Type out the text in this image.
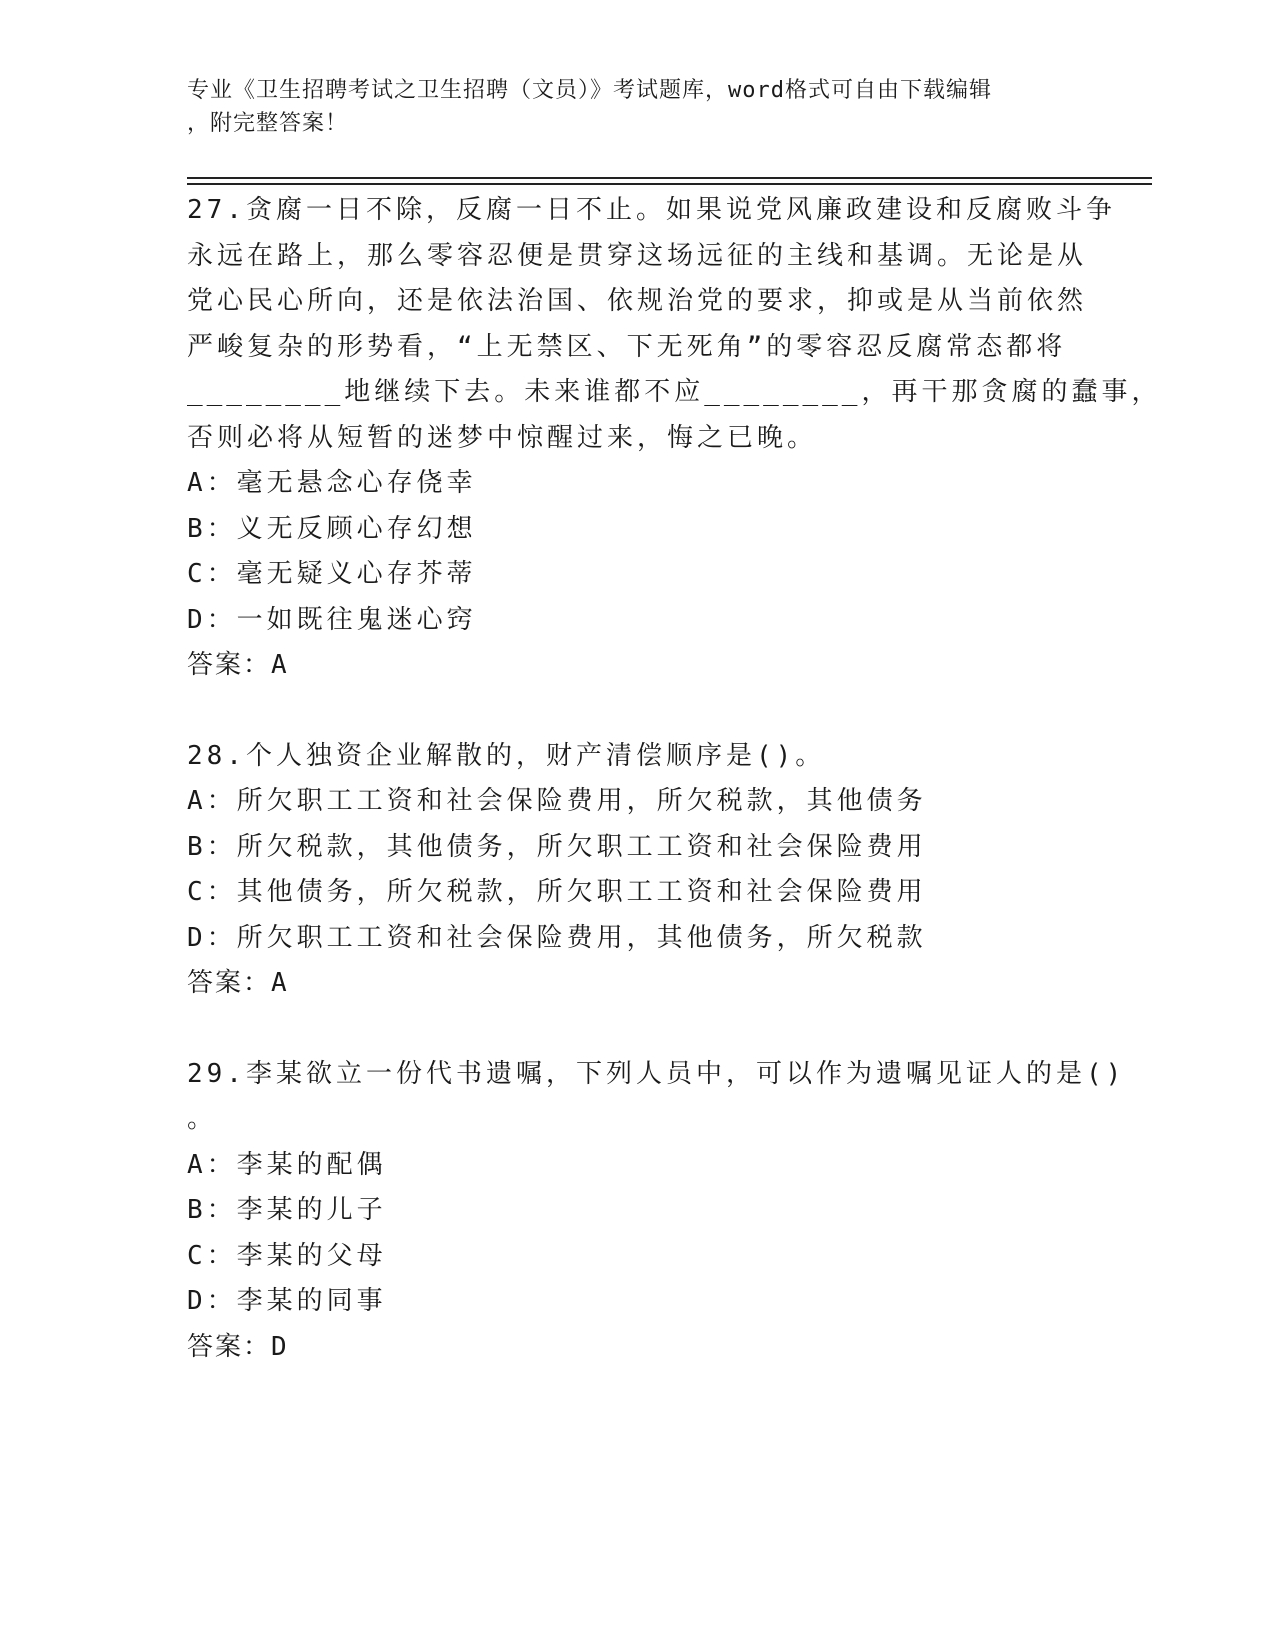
专业《卫生招聘考试之卫生招聘（文员）》考试题库，word格式可自由下载编辑
，附完整答案！
27.贪腐一日不除，反腐一日不止。如果说党风廉政建设和反腐败斗争
永远在路上，那么零容忍便是贯穿这场远征的主线和基调。无论是从
党心民心所向，还是依法治国、依规治党的要求，抑或是从当前依然
严峻复杂的形势看，“上无禁区、下无死角”的零容忍反腐常态都将
________地继续下去。未来谁都不应________，再干那贪腐的蠢事，
否则必将从短暂的迷梦中惊醒过来，悔之已晚。
A：毫无悬念心存侥幸
B：义无反顾心存幻想
C：毫无疑义心存芥蒂
D：一如既往鬼迷心窍
答案：A
28.个人独资企业解散的，财产清偿顺序是()。
A：所欠职工工资和社会保险费用，所欠税款，其他债务
B：所欠税款，其他债务，所欠职工工资和社会保险费用
C：其他债务，所欠税款，所欠职工工资和社会保险费用
D：所欠职工工资和社会保险费用，其他债务，所欠税款
答案：A
29.李某欲立一份代书遗嘱，下列人员中，可以作为遗嘱见证人的是()
。
A：李某的配偶
B：李某的儿子
C：李某的父母
D：李某的同事
答案：D
